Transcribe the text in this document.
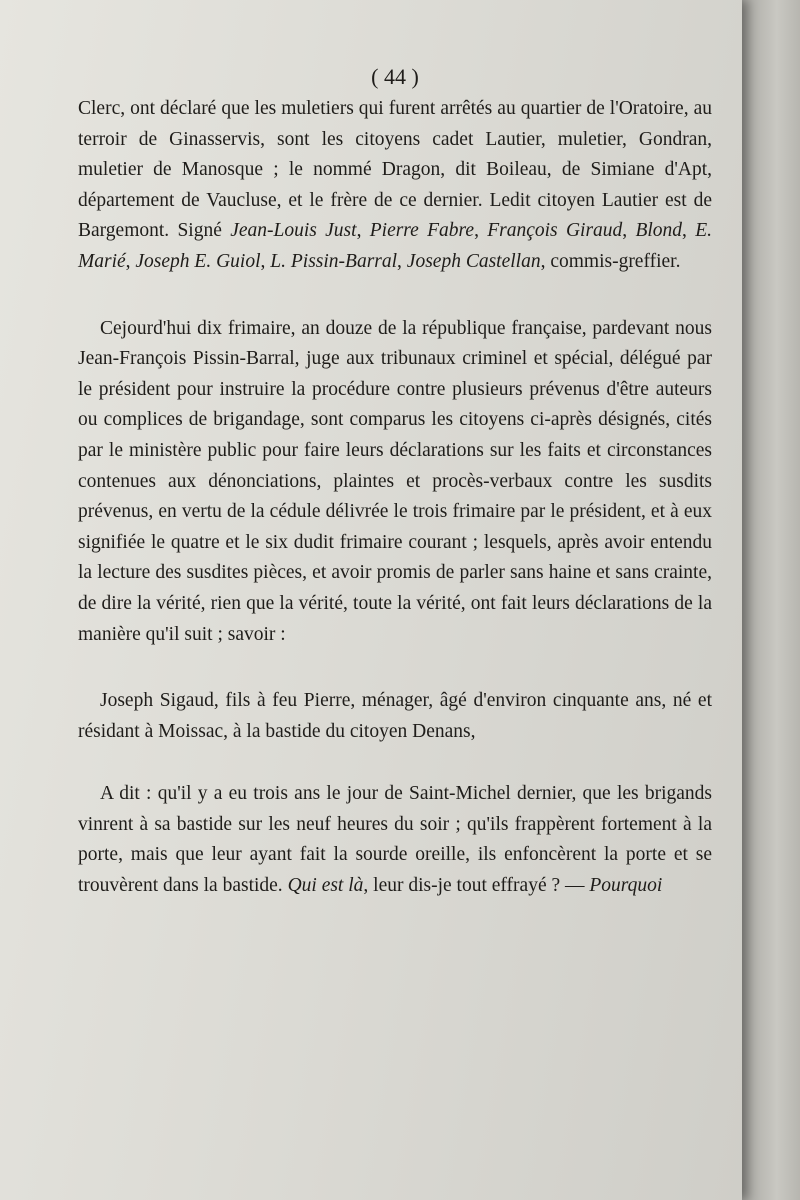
( 44 )

Clerc, ont déclaré que les muletiers qui furent arrêtés au quartier de l'Oratoire, au terroir de Ginasservis, sont les citoyens cadet Lautier, muletier, Gondran, muletier de Manosque ; le nommé Dragon, dit Boileau, de Simiane d'Apt, département de Vaucluse, et le frère de ce dernier. Ledit citoyen Lautier est de Bargemont. Signé Jean-Louis Just, Pierre Fabre, François Giraud, Blond, E. Marié, Joseph E. Guiol, L. Pissin-Barral, Joseph Castellan, commis-greffier.

Cejourd'hui dix frimaire, an douze de la république française, pardevant nous Jean-François Pissin-Barral, juge aux tribunaux criminel et spécial, délégué par le président pour instruire la procédure contre plusieurs prévenus d'être auteurs ou complices de brigandage, sont comparus les citoyens ci-après désignés, cités par le ministère public pour faire leurs déclarations sur les faits et circonstances contenues aux dénonciations, plaintes et procès-verbaux contre les susdits prévenus, en vertu de la cédule délivrée le trois frimaire par le président, et à eux signifiée le quatre et le six dudit frimaire courant ; lesquels, après avoir entendu la lecture des susdites pièces, et avoir promis de parler sans haine et sans crainte, de dire la vérité, rien que la vérité, toute la vérité, ont fait leurs déclarations de la manière qu'il suit ; savoir :

Joseph Sigaud, fils à feu Pierre, ménager, âgé d'environ cinquante ans, né et résidant à Moissac, à la bastide du citoyen Denans,

A dit : qu'il y a eu trois ans le jour de Saint-Michel dernier, que les brigands vinrent à sa bastide sur les neuf heures du soir ; qu'ils frappèrent fortement à la porte, mais que leur ayant fait la sourde oreille, ils enfoncèrent la porte et se trouvèrent dans la bastide. Qui est là, leur dis-je tout effrayé ? — Pourquoi
